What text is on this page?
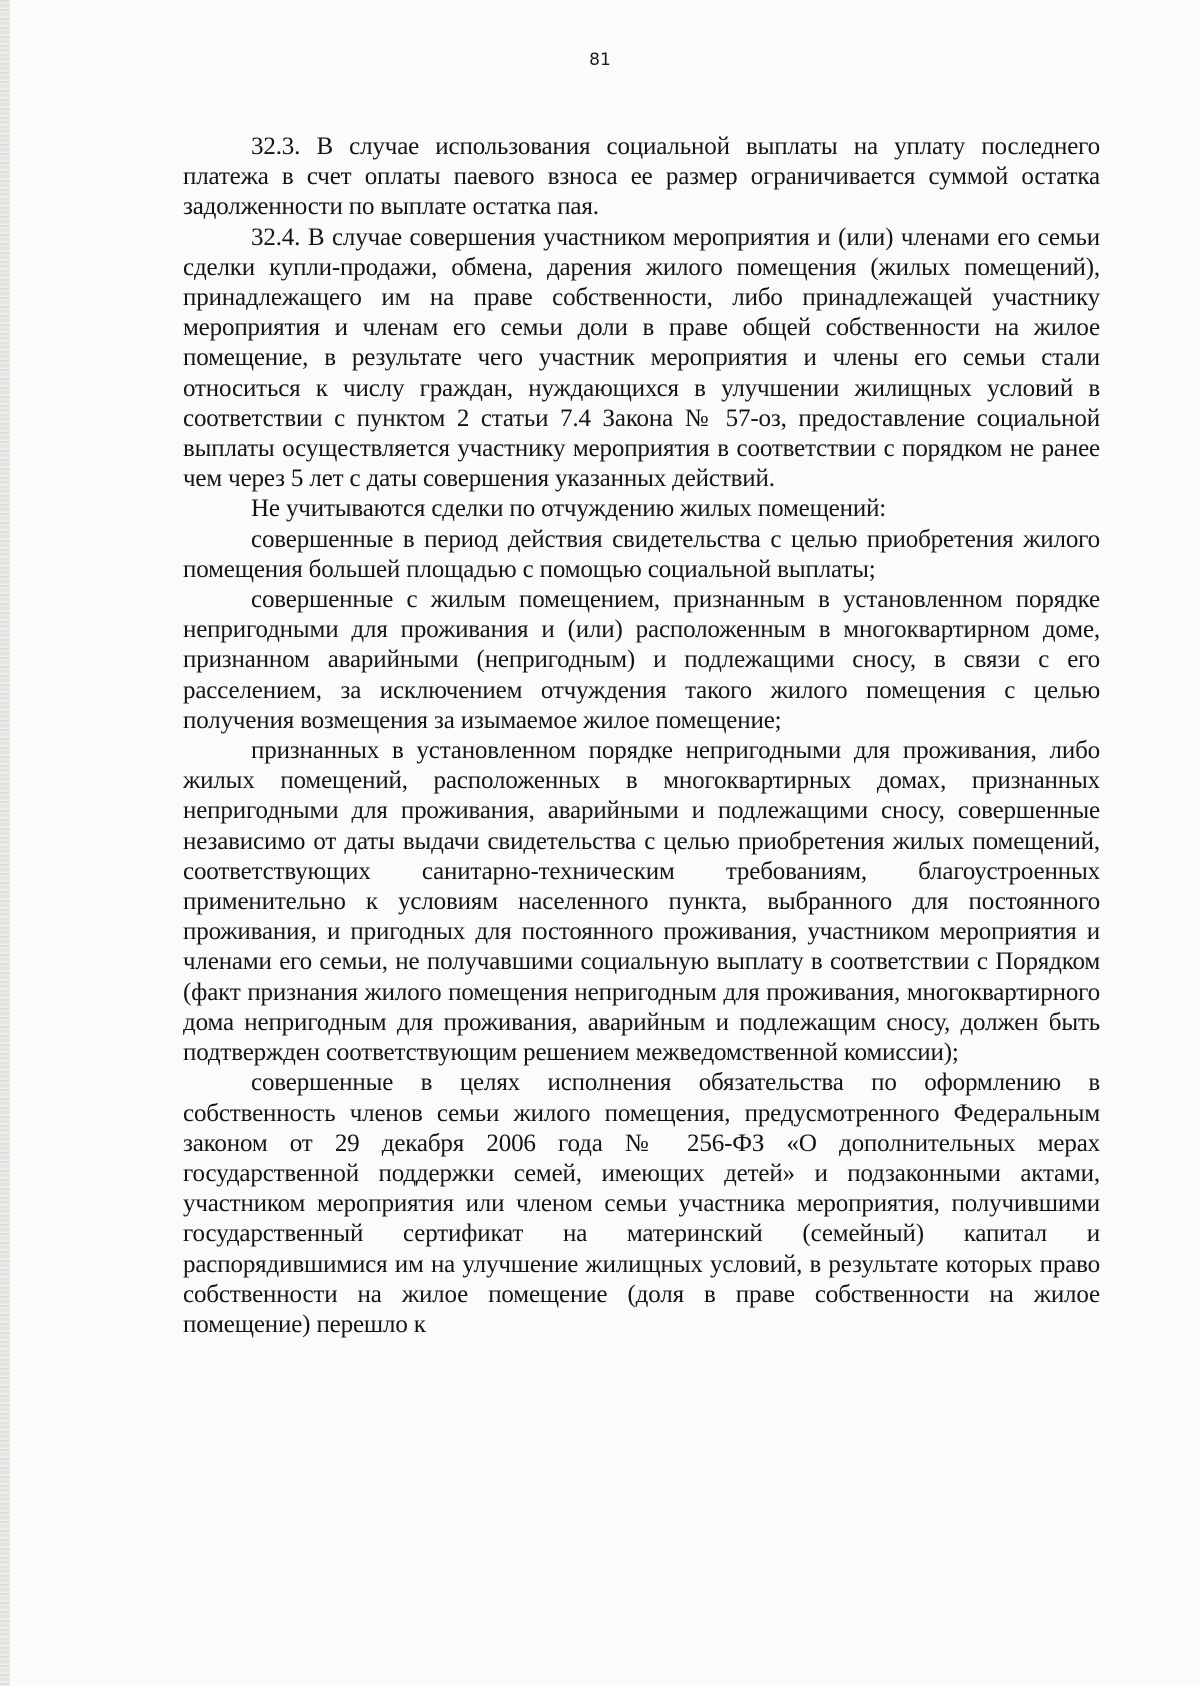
81

32.3. В случае использования социальной выплаты на уплату последнего платежа в счет оплаты паевого взноса ее размер ограничивается суммой остатка задолженности по выплате остатка пая.

32.4. В случае совершения участником мероприятия и (или) членами его семьи сделки купли-продажи, обмена, дарения жилого помещения (жилых помещений), принадлежащего им на праве собственности, либо принадлежащей участнику мероприятия и членам его семьи доли в праве общей собственности на жилое помещение, в результате чего участник мероприятия и члены его семьи стали относиться к числу граждан, нуждающихся в улучшении жилищных условий в соответствии с пунктом 2 статьи 7.4 Закона № 57-оз, предоставление социальной выплаты осуществляется участнику мероприятия в соответствии с порядком не ранее чем через 5 лет с даты совершения указанных действий.

Не учитываются сделки по отчуждению жилых помещений:

совершенные в период действия свидетельства с целью приобретения жилого помещения большей площадью с помощью социальной выплаты;

совершенные с жилым помещением, признанным в установленном порядке непригодными для проживания и (или) расположенным в многоквартирном доме, признанном аварийными (непригодным) и подлежащими сносу, в связи с его расселением, за исключением отчуждения такого жилого помещения с целью получения возмещения за изымаемое жилое помещение;

признанных в установленном порядке непригодными для проживания, либо жилых помещений, расположенных в многоквартирных домах, признанных непригодными для проживания, аварийными и подлежащими сносу, совершенные независимо от даты выдачи свидетельства с целью приобретения жилых помещений, соответствующих санитарно-техническим требованиям, благоустроенных применительно к условиям населенного пункта, выбранного для постоянного проживания, и пригодных для постоянного проживания, участником мероприятия и членами его семьи, не получавшими социальную выплату в соответствии с Порядком (факт признания жилого помещения непригодным для проживания, многоквартирного дома непригодным для проживания, аварийным и подлежащим сносу, должен быть подтвержден соответствующим решением межведомственной комиссии);

совершенные в целях исполнения обязательства по оформлению в собственность членов семьи жилого помещения, предусмотренного Федеральным законом от 29 декабря 2006 года № 256-ФЗ «О дополнительных мерах государственной поддержки семей, имеющих детей» и подзаконными актами, участником мероприятия или членом семьи участника мероприятия, получившими государственный сертификат на материнский (семейный) капитал и распорядившимися им на улучшение жилищных условий, в результате которых право собственности на жилое помещение (доля в праве собственности на жилое помещение) перешло к
